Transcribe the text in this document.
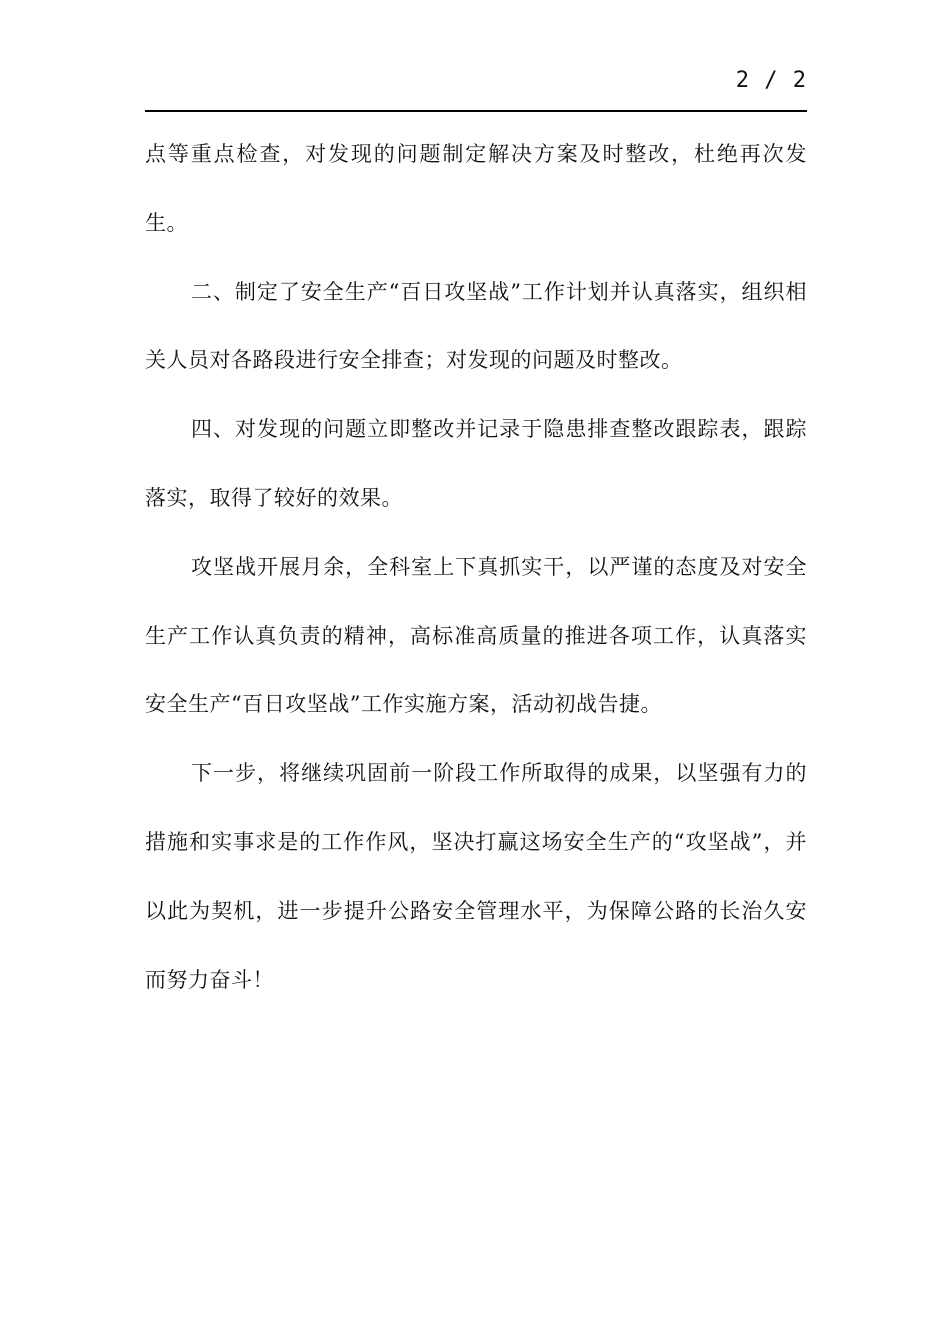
2 / 2

点等重点检查，对发现的问题制定解决方案及时整改，杜绝再次发生。

二、制定了安全生产“百日攻坚战”工作计划并认真落实，组织相关人员对各路段进行安全排查；对发现的问题及时整改。

四、对发现的问题立即整改并记录于隐患排查整改跟踪表，跟踪落实，取得了较好的效果。

攻坚战开展月余，全科室上下真抓实干，以严谨的态度及对安全生产工作认真负责的精神，高标准高质量的推进各项工作，认真落实安全生产“百日攻坚战”工作实施方案，活动初战告捷。

下一步，将继续巩固前一阶段工作所取得的成果，以坚强有力的措施和实事求是的工作作风，坚决打赢这场安全生产的“攻坚战”，并以此为契机，进一步提升公路安全管理水平，为保障公路的长治久安而努力奋斗！
